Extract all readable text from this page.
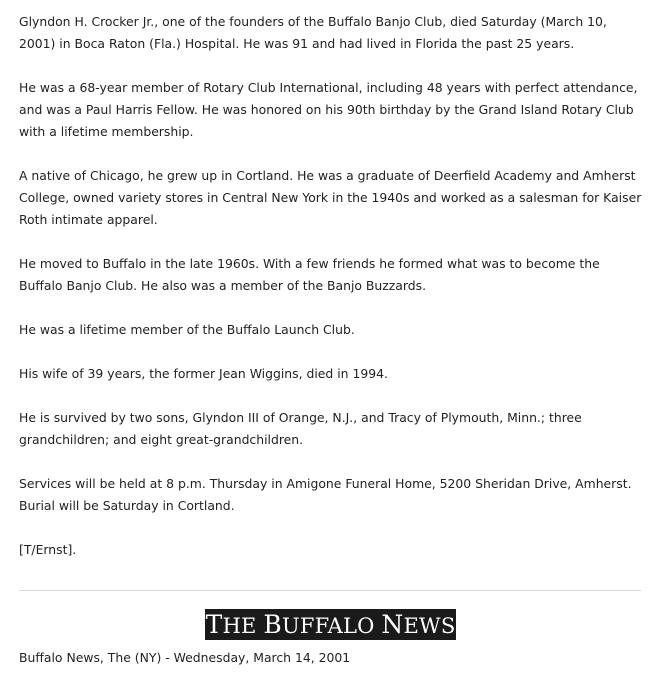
Glyndon H. Crocker Jr., one of the founders of the Buffalo Banjo Club, died Saturday (March 10, 2001) in Boca Raton (Fla.) Hospital. He was 91 and had lived in Florida the past 25 years.

He was a 68-year member of Rotary Club International, including 48 years with perfect attendance, and was a Paul Harris Fellow. He was honored on his 90th birthday by the Grand Island Rotary Club with a lifetime membership.

A native of Chicago, he grew up in Cortland. He was a graduate of Deerfield Academy and Amherst College, owned variety stores in Central New York in the 1940s and worked as a salesman for Kaiser Roth intimate apparel.

He moved to Buffalo in the late 1960s. With a few friends he formed what was to become the Buffalo Banjo Club. He also was a member of the Banjo Buzzards.

He was a lifetime member of the Buffalo Launch Club.

His wife of 39 years, the former Jean Wiggins, died in 1994.

He is survived by two sons, Glyndon III of Orange, N.J., and Tracy of Plymouth, Minn.; three grandchildren; and eight great-grandchildren.

Services will be held at 8 p.m. Thursday in Amigone Funeral Home, 5200 Sheridan Drive, Amherst. Burial will be Saturday in Cortland.

[T/Ernst].

THE BUFFALO NEWS
Buffalo News, The (NY) - Wednesday, March 14, 2001
